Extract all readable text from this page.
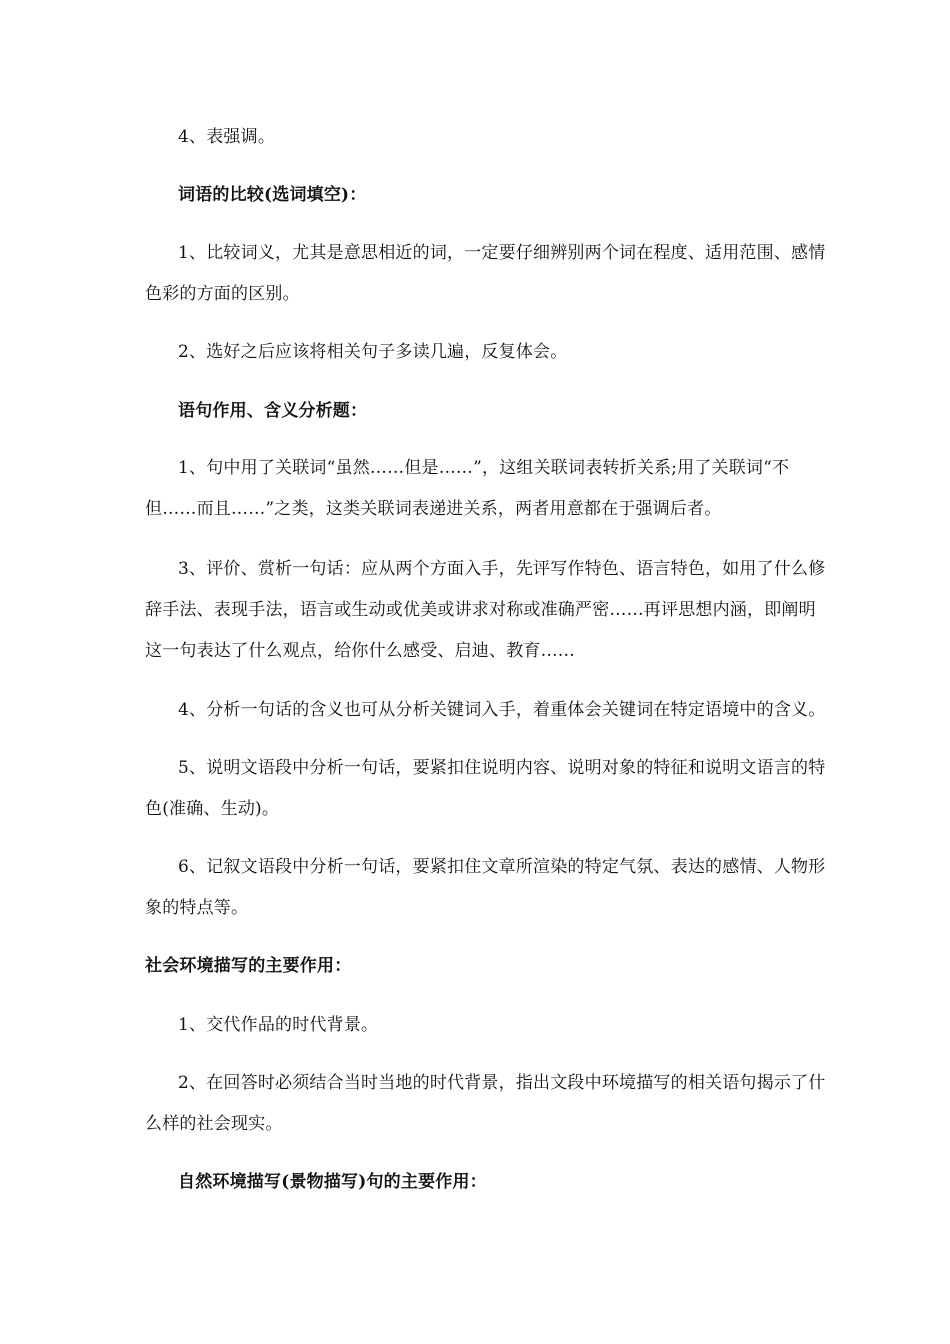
4、表强调。
词语的比较(选词填空)：
1、比较词义，尤其是意思相近的词，一定要仔细辨别两个词在程度、适用范围、感情
色彩的方面的区别。
2、选好之后应该将相关句子多读几遍，反复体会。
语句作用、含义分析题：
1、句中用了关联词“虽然……但是……”，这组关联词表转折关系;用了关联词“不
但……而且……”之类，这类关联词表递进关系，两者用意都在于强调后者。
3、评价、赏析一句话：应从两个方面入手，先评写作特色、语言特色，如用了什么修
辞手法、表现手法，语言或生动或优美或讲求对称或准确严密……再评思想内涵，即阐明
这一句表达了什么观点，给你什么感受、启迪、教育……
4、分析一句话的含义也可从分析关键词入手，着重体会关键词在特定语境中的含义。
5、说明文语段中分析一句话，要紧扣住说明内容、说明对象的特征和说明文语言的特
色(准确、生动)。
6、记叙文语段中分析一句话，要紧扣住文章所渲染的特定气氛、表达的感情、人物形
象的特点等。
社会环境描写的主要作用：
1、交代作品的时代背景。
2、在回答时必须结合当时当地的时代背景，指出文段中环境描写的相关语句揭示了什
么样的社会现实。
自然环境描写(景物描写)句的主要作用：
